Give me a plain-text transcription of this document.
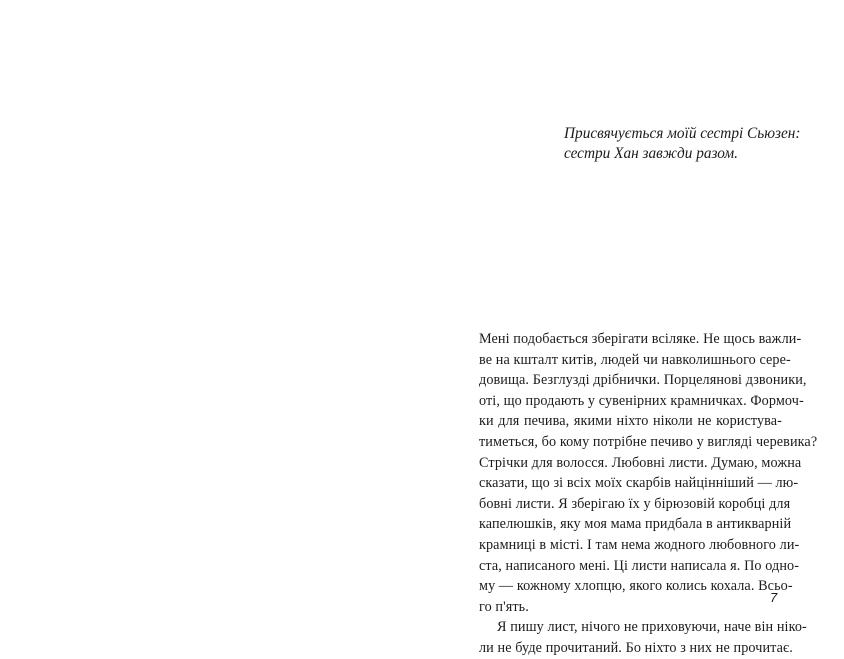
Присвячується моїй сестрі Сьюзен:
сестри Хан завжди разом.
Мені подобається зберігати всіляке. Не щось важли-
ве на кшталт китів, людей чи навколишнього сере-
довища. Безглузді дрібнички. Порцелянові дзвоники,
оті, що продають у сувенірних крамничках. Формоч-
ки для печива, якими ніхто ніколи не користува-
тиметься, бо кому потрібне печиво у вигляді черевика?
Стрічки для волосся. Любовні листи. Думаю, можна
сказати, що зі всіх моїх скарбів найцінніший — лю-
бовні листи. Я зберігаю їх у бірюзовій коробці для
капелюшків, яку моя мама придбала в антикварній
крамниці в місті. І там нема жодного любовного ли-
ста, написаного мені. Ці листи написала я. По одно-
му — кожному хлопцю, якого колись кохала. Всьо-
го п'ять.
Я пишу лист, нічого не приховуючи, наче він ніко-
ли не буде прочитаний. Бо ніхто з них не прочитає.
7
